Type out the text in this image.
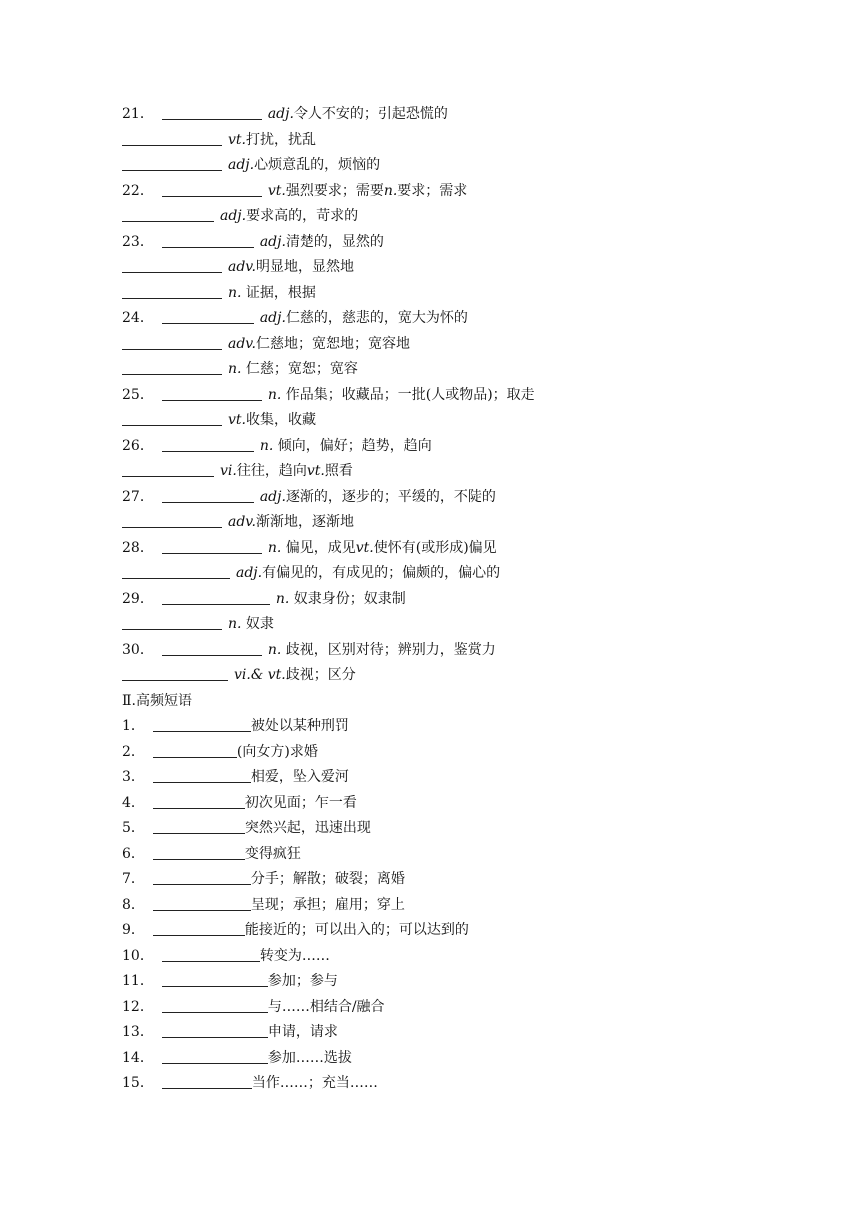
21．	adj.令人不安的；引起恐慌的
vt.打扰，扰乱
adj.心烦意乱的，烦恼的
22．	vt.强烈要求；需要n.要求；需求
adj.要求高的，苛求的
23．	adj.清楚的，显然的
adv.明显地，显然地
n. 证据，根据
24．	adj.仁慈的，慈悲的，宽大为怀的
adv.仁慈地；宽恕地；宽容地
n. 仁慈；宽恕；宽容
25．	n. 作品集；收藏品；一批(人或物品)；取走
vt.收集，收藏
26．	n. 倾向，偏好；趋势，趋向
vi.往往，趋向vt.照看
27．	adj.逐渐的，逐步的；平缓的，不陡的
adv.渐渐地，逐渐地
28．	n. 偏见，成见vt.使怀有(或形成)偏见
adj.有偏见的，有成见的；偏颇的，偏心的
29．	n. 奴隶身份；奴隶制
n. 奴隶
30．	n. 歧视，区别对待；辨别力，鉴赏力
vi.& vt.歧视；区分
Ⅱ.高频短语
1．	被处以某种刑罚
2．	(向女方)求婚
3．	相爱，坠入爱河
4．	初次见面；乍一看
5．	突然兴起，迅速出现
6．	变得疯狂
7．	分手；解散；破裂；离婚
8．	呈现；承担；雇用；穿上
9．	能接近的；可以出入的；可以达到的
10．	转变为……
11．	参加；参与
12．	与……相结合/融合
13．	申请，请求
14．	参加……选拔
15．	当作……；充当……
